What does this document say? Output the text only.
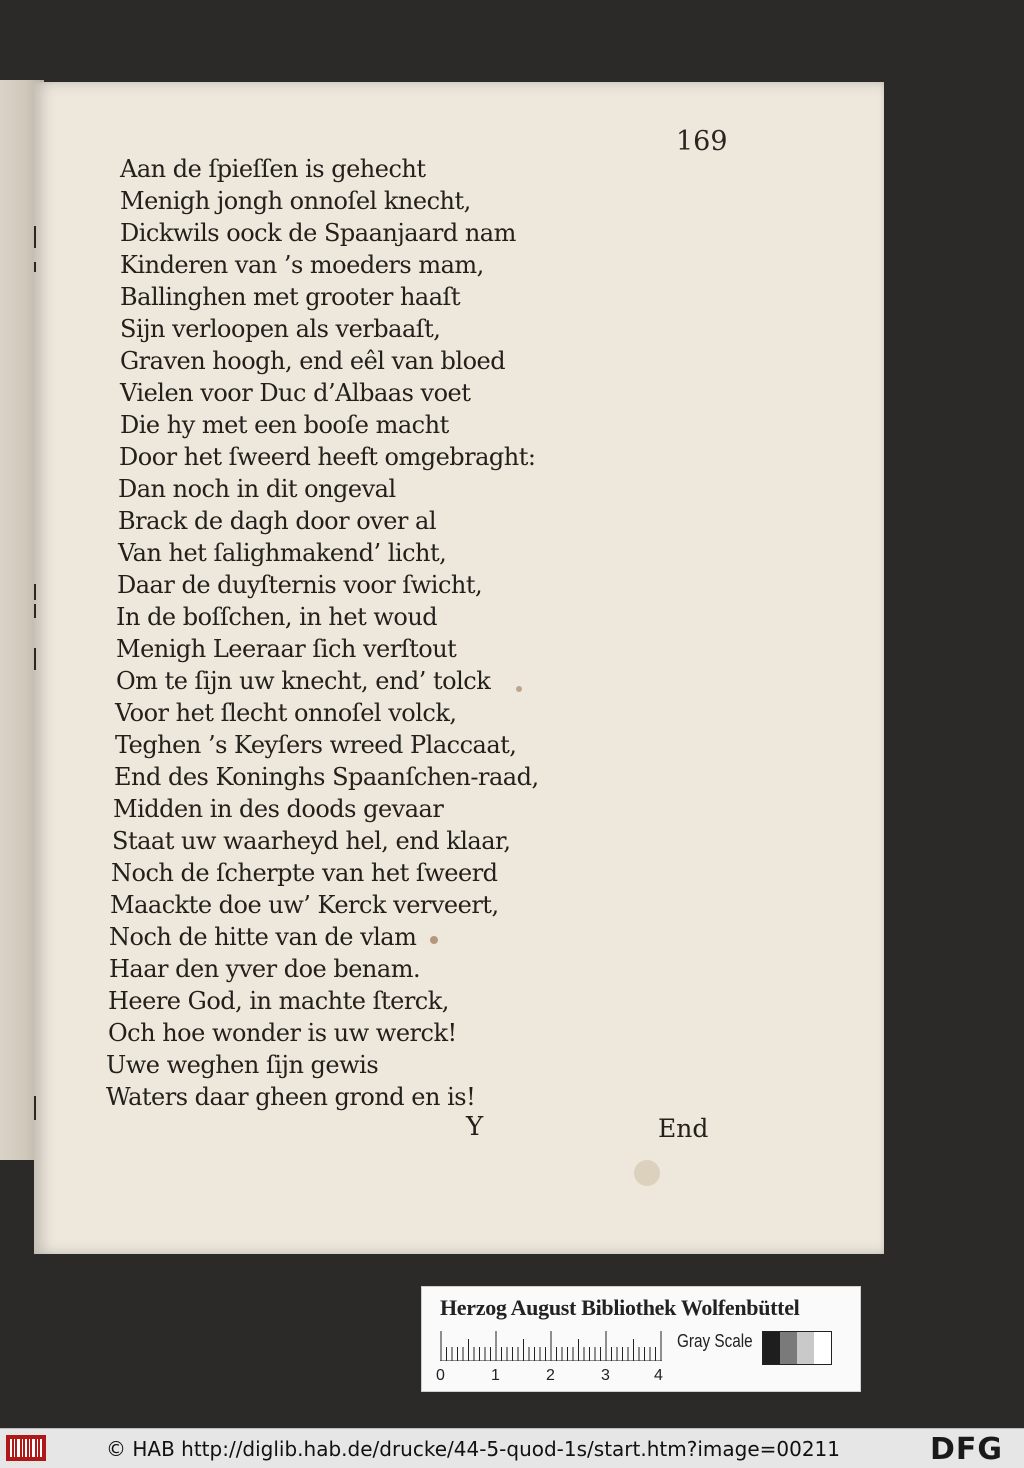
169
Aan de ſpieſſen is gehecht
Menigh jongh onnoſel knecht,
Dickwils oock de Spaanjaard nam
Kinderen van ’s moeders mam,
Ballinghen met grooter haaſt
Sijn verloopen als verbaaſt,
Graven hoogh, end eêl van bloed
Vielen voor Duc d’Albaas voet
Die hy met een booſe macht
Door het ſweerd heeft omgebraght:
Dan noch in dit ongeval
Brack de dagh door over al
Van het ſalighmakend’ licht,
Daar de duyſternis voor ſwicht,
In de boſſchen, in het woud
Menigh Leeraar ſich verſtout
Om te ſijn uw knecht, end’ tolck
Voor het ſlecht onnoſel volck,
Teghen ’s Keyſers wreed Placcaat,
End des Koninghs Spaanſchen-raad,
Midden in des doods gevaar
Staat uw waarheyd hel, end klaar,
Noch de ſcherpte van het ſweerd
Maackte doe uw’ Kerck verveert,
Noch de hitte van de vlam
Haar den yver doe benam.
Heere God, in machte ſterck,
Och hoe wonder is uw werck!
Uwe weghen ſijn gewis
Waters daar gheen grond en is!
Y	End
Herzog August Bibliothek Wolfenbüttel
0	1	2	3	4
Gray Scale
© HAB http://diglib.hab.de/drucke/44-5-quod-1s/start.htm?image=00211	DFG
